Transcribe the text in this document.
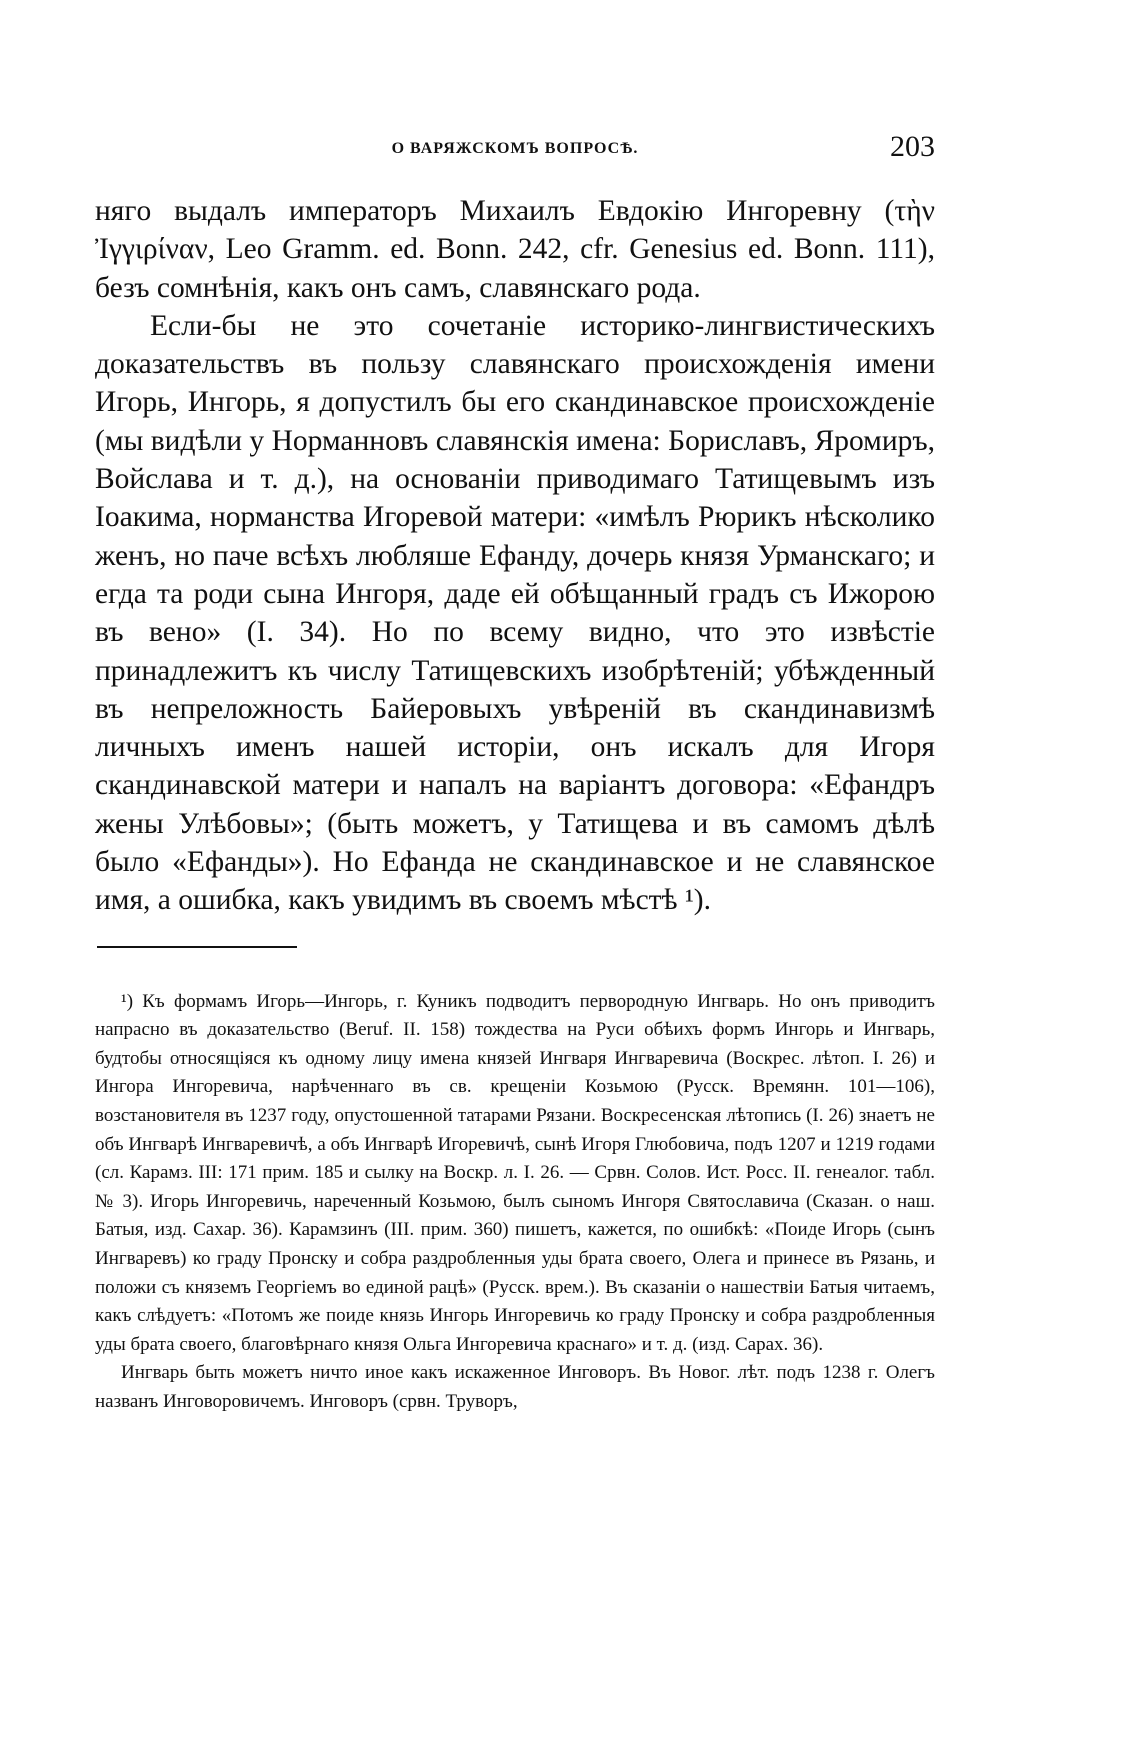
О ВАРЯЖСКОМЪ ВОПРОСѢ.	203

нягo выдалъ императоръ Михаилъ Евдокію Ингоревну (τὴν Ἰγγιρίναν, Leo Gramm. ed. Bonn. 242, cfr. Genesius ed. Bonn. 111), безъ сомнѣнія, какъ онъ самъ, славянскаго рода.

Если-бы не это сочетаніе историко-лингвистическихъ доказательствъ въ пользу славянскаго происхожденія имени Игорь, Ингорь, я допустилъ бы его скандинавское происхожденіе (мы видѣли у Норманновъ славянскія имена: Бориславъ, Яромиръ, Войслава и т. д.), на основаніи приводимаго Татищевымъ изъ Іоакима, норманства Игоревой матери: «имѣлъ Рюрикъ нѣсколико женъ, но паче всѣхъ любляше Ефанду, дочерь князя Урманскаго; и егда та роди сына Ингоря, даде ей обѣщанный градъ съ Ижорою въ вено» (I. 34). Но по всему видно, что это извѣстіе принадлежитъ къ числу Татищевскихъ изобрѣтеній; убѣжденный въ непреложность Байеровыхъ увѣреній въ скандинавизмѣ личныхъ именъ нашей исторіи, онъ искалъ для Игоря скандинавской матери и напалъ на варіантъ договора: «Ефандръ жены Улѣбовы»; (быть можетъ, у Татищева и въ самомъ дѣлѣ было «Ефанды»). Но Ефанда не скандинавское и не славянское имя, а ошибка, какъ увидимъ въ своемъ мѣстѣ ¹).

¹) Къ формамъ Игорь—Ингорь, г. Куникъ подводитъ первородную Ингварь. Но онъ приводитъ напрасно въ доказательство (Beruf. II. 158) тождества на Руси обѣихъ формъ Ингорь и Ингварь, будтобы относящіяся къ одному лицу имена князей Ингваря Ингваревича (Воскрес. лѣтоп. I. 26) и Ингора Ингоревича, нарѣченнаго въ св. крещеніи Козьмою (Русск. Времянн. 101—106), возстановителя въ 1237 году, опустошенной татарами Рязани. Воскресенская лѣтопись (I. 26) знаетъ не объ Ингварѣ Ингваревичѣ, а объ Ингварѣ Игоревичѣ, сынѣ Игоря Глюбовича, подъ 1207 и 1219 годами (сл. Карамз. III: 171 прим. 185 и сылку на Воскр. л. I. 26. — Срвн. Солов. Ист. Росс. II. генеалог. табл. № 3). Игорь Ингоревичь, нареченный Козьмою, былъ сыномъ Ингоря Святославича (Сказан. о наш. Батыя, изд. Сахар. 36). Карамзинъ (III. прим. 360) пишетъ, кажется, по ошибкѣ: «Поиде Игорь (сынъ Ингваревъ) ко граду Пронску и собра раздробленныя уды брата своего, Олега и принесе въ Рязань, и положи съ княземъ Георгіемъ во единой рацѣ» (Русск. врем.). Въ сказаніи о нашествіи Батыя читаемъ, какъ слѣдуетъ: «Потомъ же поиде князь Ингорь Ингоревичь ко граду Пронску и собра раздробленныя уды брата своего, благовѣрнаго князя Ольга Ингоревича краснаго» и т. д. (изд. Сарах. 36).

Ингварь быть можетъ ничто иное какъ искаженное Инговоръ. Въ Новог. лѣт. подъ 1238 г. Олегъ названъ Инговоровичемъ. Инговоръ (срвн. Труворъ,
